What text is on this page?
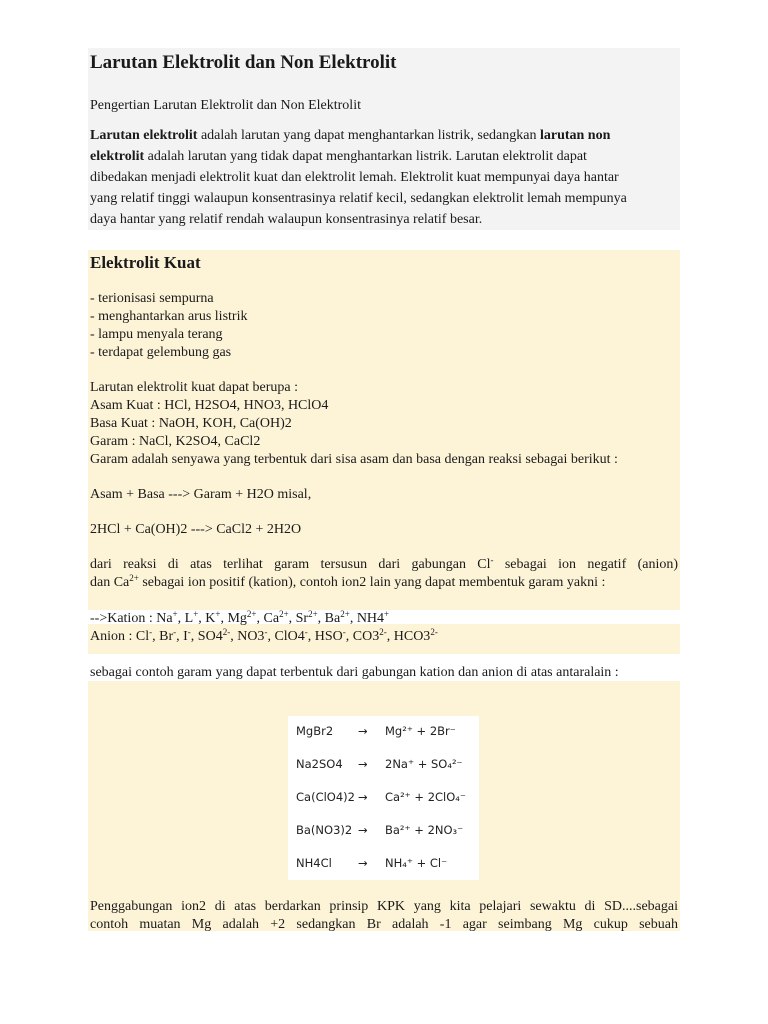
Larutan Elektrolit dan Non Elektrolit
Pengertian Larutan Elektrolit dan Non Elektrolit
Larutan elektrolit adalah larutan yang dapat menghantarkan listrik, sedangkan larutan non
elektrolit adalah larutan yang tidak dapat menghantarkan listrik. Larutan elektrolit dapat
dibedakan menjadi elektrolit kuat dan elektrolit lemah. Elektrolit kuat mempunyai daya hantar
yang relatif tinggi walaupun konsentrasinya relatif kecil, sedangkan elektrolit lemah mempunya
daya hantar yang relatif rendah walaupun konsentrasinya relatif besar.
Elektrolit Kuat
- terionisasi sempurna
- menghantarkan arus listrik
- lampu menyala terang
- terdapat gelembung gas
Larutan elektrolit kuat dapat berupa :
Asam Kuat : HCl, H2SO4, HNO3, HClO4
Basa Kuat : NaOH, KOH, Ca(OH)2
Garam : NaCl, K2SO4, CaCl2
Garam adalah senyawa yang terbentuk dari sisa asam dan basa dengan reaksi sebagai berikut :
Asam + Basa ---> Garam + H2O misal,
2HCl + Ca(OH)2 ---> CaCl2 + 2H2O
dari reaksi di atas terlihat garam tersusun dari gabungan Cl- sebagai ion negatif (anion)
dan $Ca^{2+}$ sebagai ion positif (kation), contoh ion2 lain yang dapat membentuk garam yakni :
-->Kation : Na+, L+, K+, $Mg^{2+}$, $Ca^{2+}$, $Sr^{2+}$, $Ba^{2+}$, NH4+
Anion : Cl-, Br-, I-, $SO4^{2-}$, NO3-, ClO4-, HSO-, $CO3^{2-}$, $HCO3^{2-}$
sebagai contoh garam yang dapat terbentuk dari gabungan kation dan anion di atas antaralain :
MgBr2 → Mg²⁺ + 2Br⁻
Na2SO4 → 2Na⁺ + SO₄²⁻
Ca(ClO4)2 → Ca²⁺ + 2ClO₄⁻
Ba(NO3)2 → Ba²⁺ + 2NO₃⁻
NH4Cl → NH₄⁺ + Cl⁻
Penggabungan ion2 di atas berdarkan prinsip KPK yang kita pelajari sewaktu di SD....sebagai
contoh muatan Mg adalah +2 sedangkan Br adalah -1 agar seimbang Mg cukup sebuah
